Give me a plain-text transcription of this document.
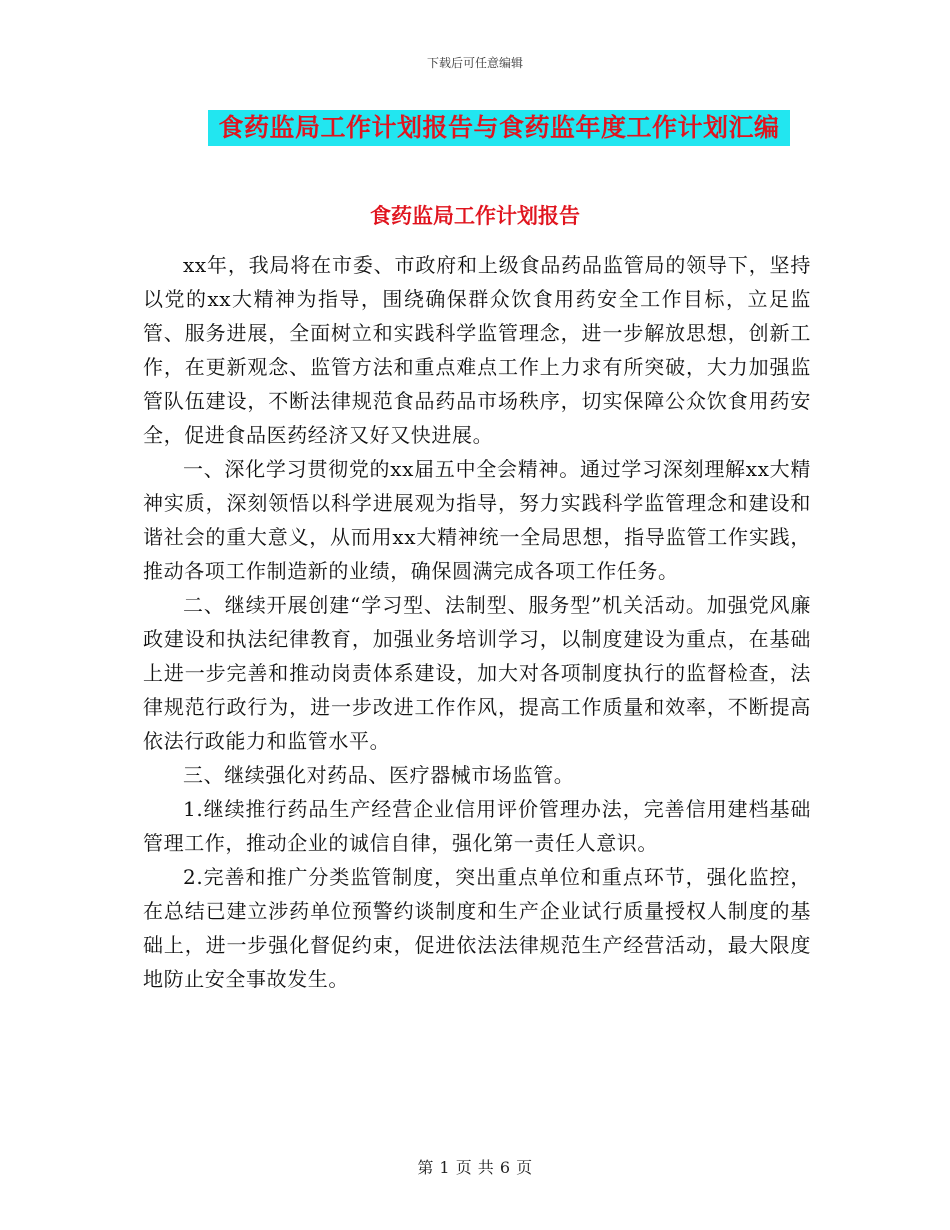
下载后可任意编辑
食药监局工作计划报告与食药监年度工作计划汇编
食药监局工作计划报告

xx年，我局将在市委、市政府和上级食品药品监管局的领导下，坚持以党的xx大精神为指导，围绕确保群众饮食用药安全工作目标，立足监管、服务进展，全面树立和实践科学监管理念，进一步解放思想，创新工作，在更新观念、监管方法和重点难点工作上力求有所突破，大力加强监管队伍建设，不断法律规范食品药品市场秩序，切实保障公众饮食用药安全，促进食品医药经济又好又快进展。

一、深化学习贯彻党的xx届五中全会精神。通过学习深刻理解xx大精神实质，深刻领悟以科学进展观为指导，努力实践科学监管理念和建设和谐社会的重大意义，从而用xx大精神统一全局思想，指导监管工作实践，推动各项工作制造新的业绩，确保圆满完成各项工作任务。

二、继续开展创建“学习型、法制型、服务型”机关活动。加强党风廉政建设和执法纪律教育，加强业务培训学习，以制度建设为重点，在基础上进一步完善和推动岗责体系建设，加大对各项制度执行的监督检查，法律规范行政行为，进一步改进工作作风，提高工作质量和效率，不断提高依法行政能力和监管水平。

三、继续强化对药品、医疗器械市场监管。

1.继续推行药品生产经营企业信用评价管理办法，完善信用建档基础管理工作，推动企业的诚信自律，强化第一责任人意识。

2.完善和推广分类监管制度，突出重点单位和重点环节，强化监控，在总结已建立涉药单位预警约谈制度和生产企业试行质量授权人制度的基础上，进一步强化督促约束，促进依法法律规范生产经营活动，最大限度地防止安全事故发生。

第 1 页 共 6 页
